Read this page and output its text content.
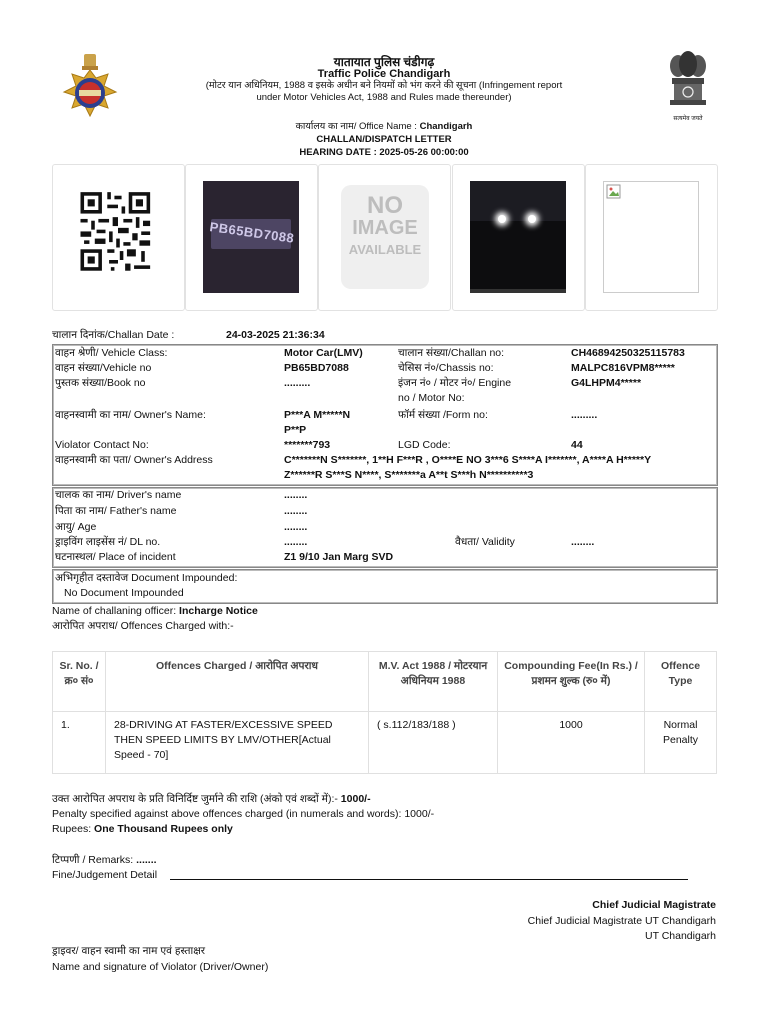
यातायात पुलिस चंडीगढ़
Traffic Police Chandigarh
(मोटर यान अधिनियम, 1988 व इसके अधीन बने नियमों को भंग करने की सूचना (Infringement report
under Motor Vehicles Act, 1988 and Rules made thereunder)
कार्यालय का नाम/ Office Name : Chandigarh
CHALLAN/DISPATCH LETTER
HEARING DATE : 2025-05-26 00:00:00
सत्यमेव जयते
PB65BD7088
NO
IMAGE
AVAILABLE
चालान दिनांक/Challan Date :	24-03-2025 21:36:34
वाहन श्रेणी/ Vehicle Class:	Motor Car(LMV)	चालान संख्या/Challan no:	CH46894250325115783
वाहन संख्या/Vehicle no	PB65BD7088	चेसिस नं०/Chassis no:	MALPC816VPM8*****
पुस्तक संख्या/Book no	.........	इंजन नं० / मोटर नं०/ Engine	G4LHPM4*****
no / Motor No:
वाहनस्वामी का नाम/ Owner's Name:	P***A M*****N	फॉर्म संख्या /Form no:	.........
P**P
Violator Contact No:	*******793	LGD Code:	44
वाहनस्वामी का पता/ Owner's Address	C*******N S*******, 1**H F***R , O****E NO 3***6 S****A I*******, A****A H*****Y
Z******R S***S N****, S*******a A**t S***h N**********3
चालक का नाम/ Driver's name	........
पिता का नाम/ Father's name	........
आयु/ Age	........
ड्राइविंग लाइसेंस नं/ DL no.	........	वैधता/ Validity	........
घटनास्थल/ Place of incident	Z1 9/10 Jan Marg SVD
अभिगृहीत दस्तावेज Document Impounded:
No Document Impounded
Name of challaning officer: Incharge Notice
आरोपित अपराध/ Offences Charged with:-
Sr. No. / क्र० सं०	Offences Charged / आरोपित अपराध	M.V. Act 1988 / मोटरयान अधिनियम 1988	Compounding Fee(In Rs.) / प्रशमन शुल्क (रु० में)	Offence Type
1.	28-DRIVING AT FASTER/EXCESSIVE SPEED THEN SPEED LIMITS BY LMV/OTHER[Actual Speed - 70]	( s.112/183/188 )	1000	Normal Penalty
उक्त आरोपित अपराध के प्रति विनिर्दिष्ट जुर्माने की राशि (अंको एवं शब्दों में):- 1000/-
Penalty specified against above offences charged (in numerals and words): 1000/-
Rupees: One Thousand Rupees only
टिप्पणी / Remarks: .......
Fine/Judgement Detail
Chief Judicial Magistrate
Chief Judicial Magistrate UT Chandigarh
UT Chandigarh
ड्राइवर/ वाहन स्वामी का नाम एवं हस्ताक्षर
Name and signature of Violator (Driver/Owner)
